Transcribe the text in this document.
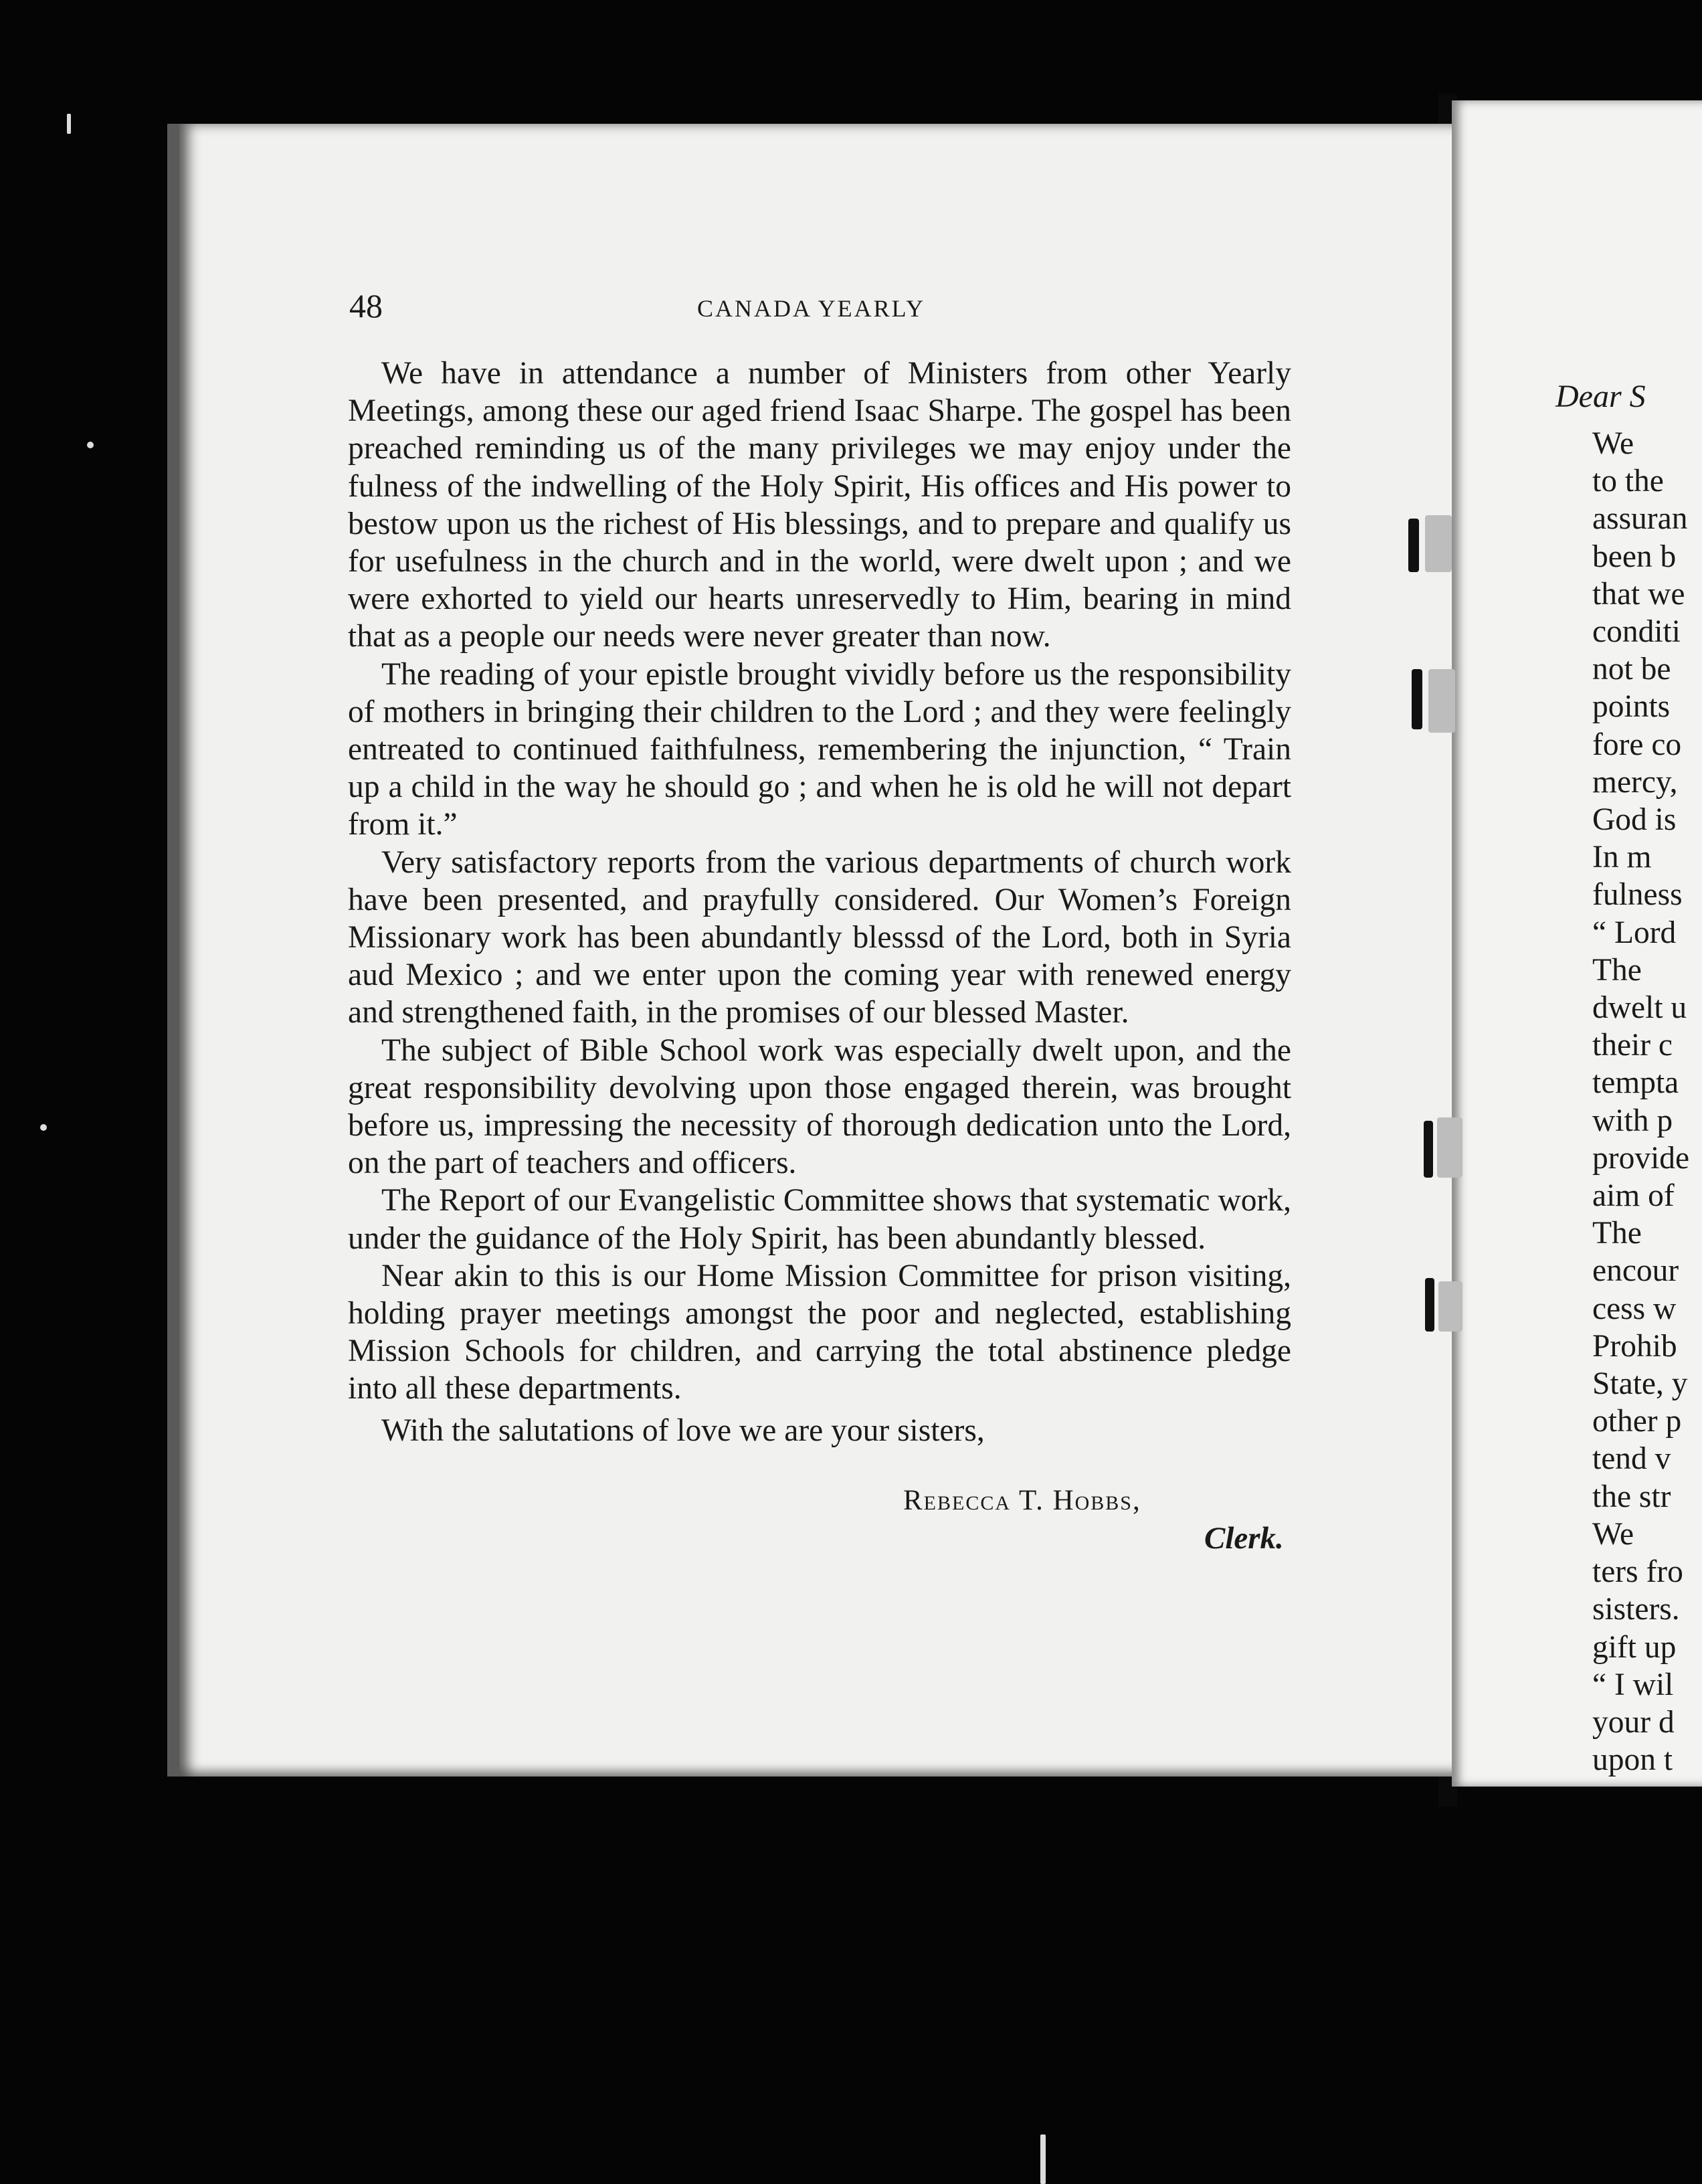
48	CANADA YEARLY

We have in attendance a number of Ministers from other Yearly Meetings, among these our aged friend Isaac Sharpe. The gospel has been preached reminding us of the many privileges we may enjoy under the fulness of the indwelling of the Holy Spirit, His offices and His power to bestow upon us the richest of His blessings, and to prepare and qualify us for usefulness in the church and in the world, were dwelt upon ; and we were exhorted to yield our hearts unreservedly to Him, bearing in mind that as a people our needs were never greater than now.

The reading of your epistle brought vividly before us the responsibility of mothers in bringing their children to the Lord ; and they were feelingly entreated to continued faithfulness, remembering the injunction, “ Train up a child in the way he should go ; and when he is old he will not depart from it.”

Very satisfactory reports from the various departments of church work have been presented, and prayfully considered. Our Women’s Foreign Missionary work has been abundantly blesssd of the Lord, both in Syria aud Mexico ; and we enter upon the coming year with renewed energy and strengthened faith, in the promises of our blessed Master.

The subject of Bible School work was especially dwelt upon, and the great responsibility devolving upon those engaged therein, was brought before us, impressing the necessity of thorough dedication unto the Lord, on the part of teachers and officers.

The Report of our Evangelistic Committee shows that systematic work, under the guidance of the Holy Spirit, has been abundantly blessed.

Near akin to this is our Home Mission Committee for prison visiting, holding prayer meetings amongst the poor and neglected, establishing Mission Schools for children, and carrying the total abstinence pledge into all these departments.

With the salutations of love we are your sisters,

Rebecca T. Hobbs,
Clerk.
Dear S
We
to the
assuran
been b
that we
conditi
not be
points
fore co
mercy,
God is
In m
fulness
“ Lord
The
dwelt u
their c
tempta
with p
provide
aim of
The
encour
cess w
Prohib
State, y
other p
tend v
the str
We
ters fro
sisters.
gift up
“ I wil
your d
upon t
